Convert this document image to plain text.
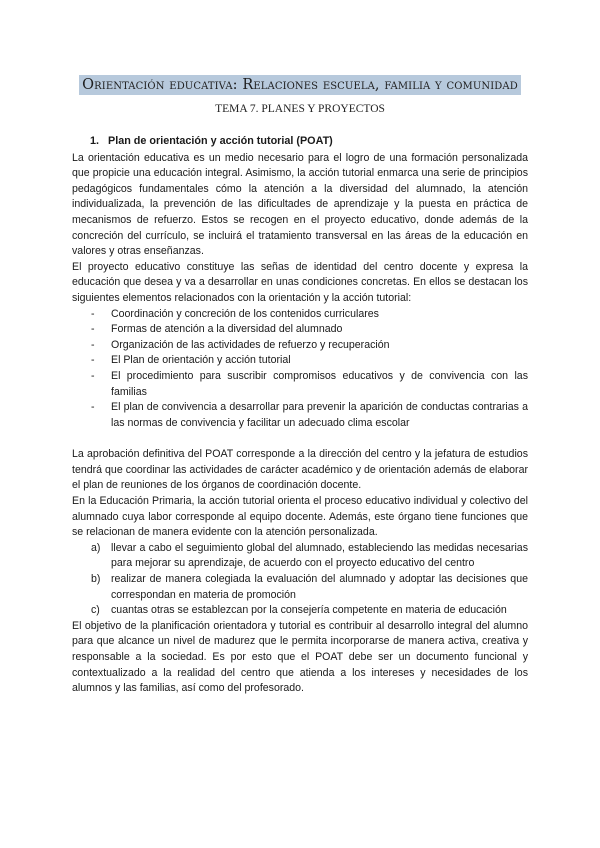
Orientación educativa: Relaciones escuela, familia y comunidad
TEMA 7. PLANES Y PROYECTOS
1. Plan de orientación y acción tutorial (POAT)

La orientación educativa es un medio necesario para el logro de una formación personalizada que propicie una educación integral. Asimismo, la acción tutorial enmarca una serie de principios pedagógicos fundamentales cómo la atención a la diversidad del alumnado, la atención individualizada, la prevención de las dificultades de aprendizaje y la puesta en práctica de mecanismos de refuerzo. Estos se recogen en el proyecto educativo, donde además de la concreción del currículo, se incluirá el tratamiento transversal en las áreas de la educación en valores y otras enseñanzas.

El proyecto educativo constituye las señas de identidad del centro docente y expresa la educación que desea y va a desarrollar en unas condiciones concretas. En ellos se destacan los siguientes elementos relacionados con la orientación y la acción tutorial:

- Coordinación y concreción de los contenidos curriculares
- Formas de atención a la diversidad del alumnado
- Organización de las actividades de refuerzo y recuperación
- El Plan de orientación y acción tutorial
- El procedimiento para suscribir compromisos educativos y de convivencia con las familias
- El plan de convivencia a desarrollar para prevenir la aparición de conductas contrarias a las normas de convivencia y facilitar un adecuado clima escolar

La aprobación definitiva del POAT corresponde a la dirección del centro y la jefatura de estudios tendrá que coordinar las actividades de carácter académico y de orientación además de elaborar el plan de reuniones de los órganos de coordinación docente.

En la Educación Primaria, la acción tutorial orienta el proceso educativo individual y colectivo del alumnado cuya labor corresponde al equipo docente. Además, este órgano tiene funciones que se relacionan de manera evidente con la atención personalizada.

a) llevar a cabo el seguimiento global del alumnado, estableciendo las medidas necesarias para mejorar su aprendizaje, de acuerdo con el proyecto educativo del centro
b) realizar de manera colegiada la evaluación del alumnado y adoptar las decisiones que correspondan en materia de promoción
c) cuantas otras se establezcan por la consejería competente en materia de educación

El objetivo de la planificación orientadora y tutorial es contribuir al desarrollo integral del alumno para que alcance un nivel de madurez que le permita incorporarse de manera activa, creativa y responsable a la sociedad. Es por esto que el POAT debe ser un documento funcional y contextualizado a la realidad del centro que atienda a los intereses y necesidades de los alumnos y las familias, así como del profesorado.
